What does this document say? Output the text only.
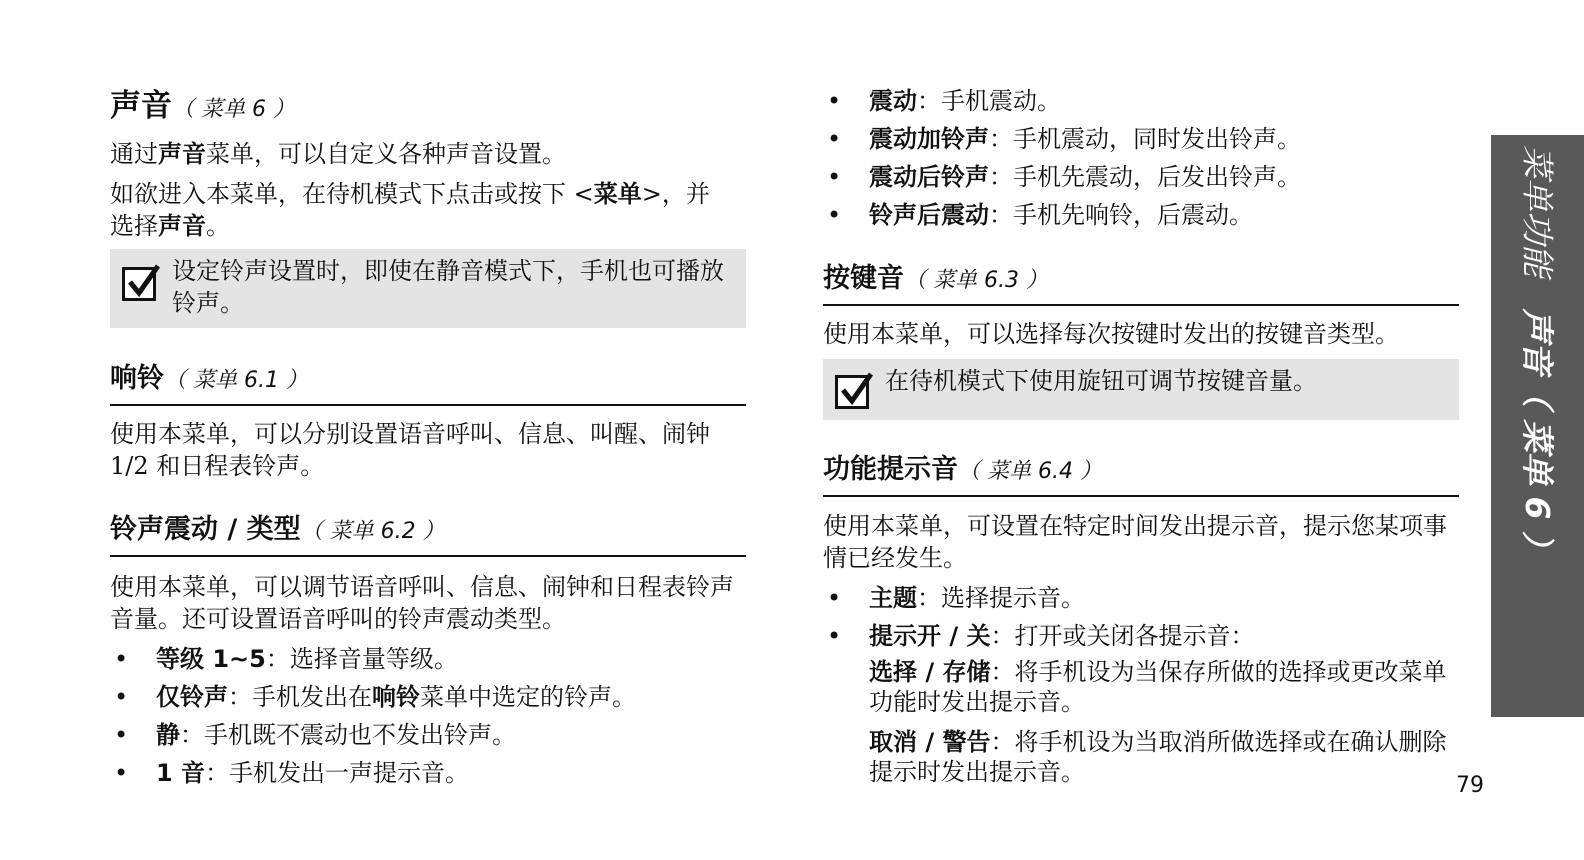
声音（ 菜单 6 ）
通过声音菜单，可以自定义各种声音设置。
如欲进入本菜单，在待机模式下点击或按下 <菜单>，并选择声音。
设定铃声设置时，即使在静音模式下，手机也可播放铃声。
响铃（ 菜单 6.1 ）
使用本菜单，可以分别设置语音呼叫、信息、叫醒、闹钟 1/2 和日程表铃声。
铃声震动 / 类型（ 菜单 6.2 ）
使用本菜单，可以调节语音呼叫、信息、闹钟和日程表铃声音量。还可设置语音呼叫的铃声震动类型。
• 等级 1~5：选择音量等级。
• 仅铃声：手机发出在响铃菜单中选定的铃声。
• 静：手机既不震动也不发出铃声。
• 1 音：手机发出一声提示音。
• 震动：手机震动。
• 震动加铃声：手机震动，同时发出铃声。
• 震动后铃声：手机先震动，后发出铃声。
• 铃声后震动：手机先响铃，后震动。
按键音（ 菜单 6.3 ）
使用本菜单，可以选择每次按键时发出的按键音类型。
在待机模式下使用旋钮可调节按键音量。
功能提示音（ 菜单 6.4 ）
使用本菜单，可设置在特定时间发出提示音，提示您某项事情已经发生。
• 主题：选择提示音。
• 提示开 / 关：打开或关闭各提示音：
选择 / 存储：将手机设为当保存所做的选择或更改菜单功能时发出提示音。
取消 / 警告：将手机设为当取消所做选择或在确认删除提示时发出提示音。
菜单功能   声音（ 菜单 6 ）
79
